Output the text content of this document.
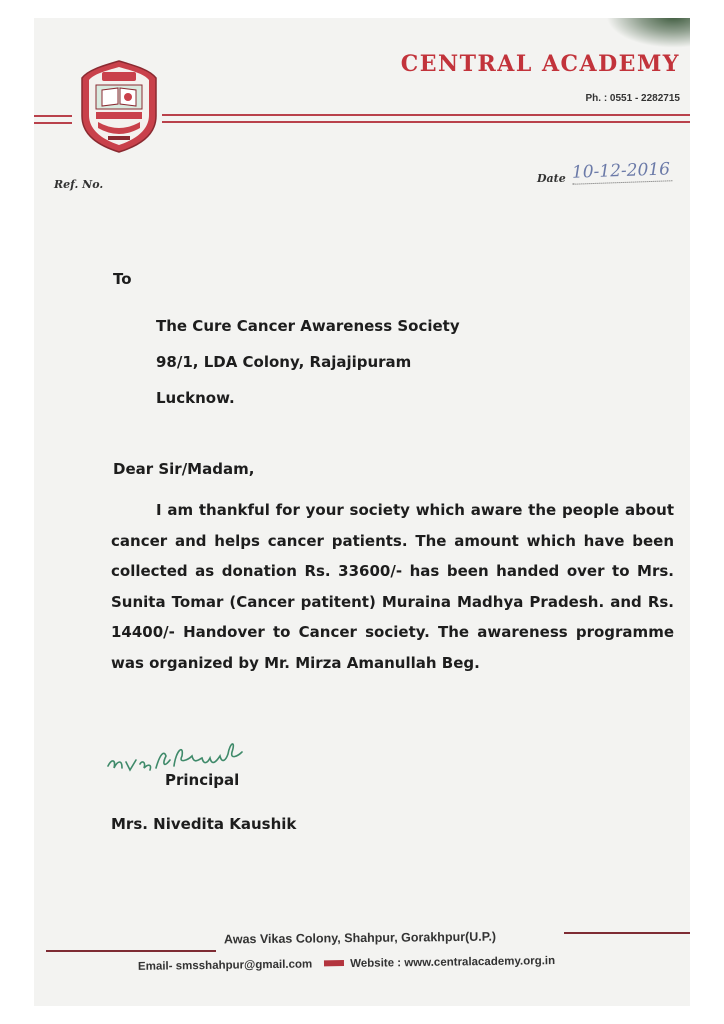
CENTRAL ACADEMY
Ph. : 0551 - 2282715
Ref. No.	Date 10-12-2016
To
The Cure Cancer Awareness Society
98/1, LDA Colony, Rajajipuram
Lucknow.
Dear Sir/Madam,
I am thankful for your society which aware the people about cancer and helps cancer patients. The amount which have been collected as donation Rs. 33600/- has been handed over to Mrs. Sunita Tomar (Cancer patitent) Muraina Madhya Pradesh. and Rs. 14400/- Handover to Cancer society. The awareness programme was organized by Mr. Mirza Amanullah Beg.
Principal
Mrs. Nivedita Kaushik
Awas Vikas Colony, Shahpur, Gorakhpur(U.P.)
Email- smsshahpur@gmail.com	Website : www.centralacademy.org.in
